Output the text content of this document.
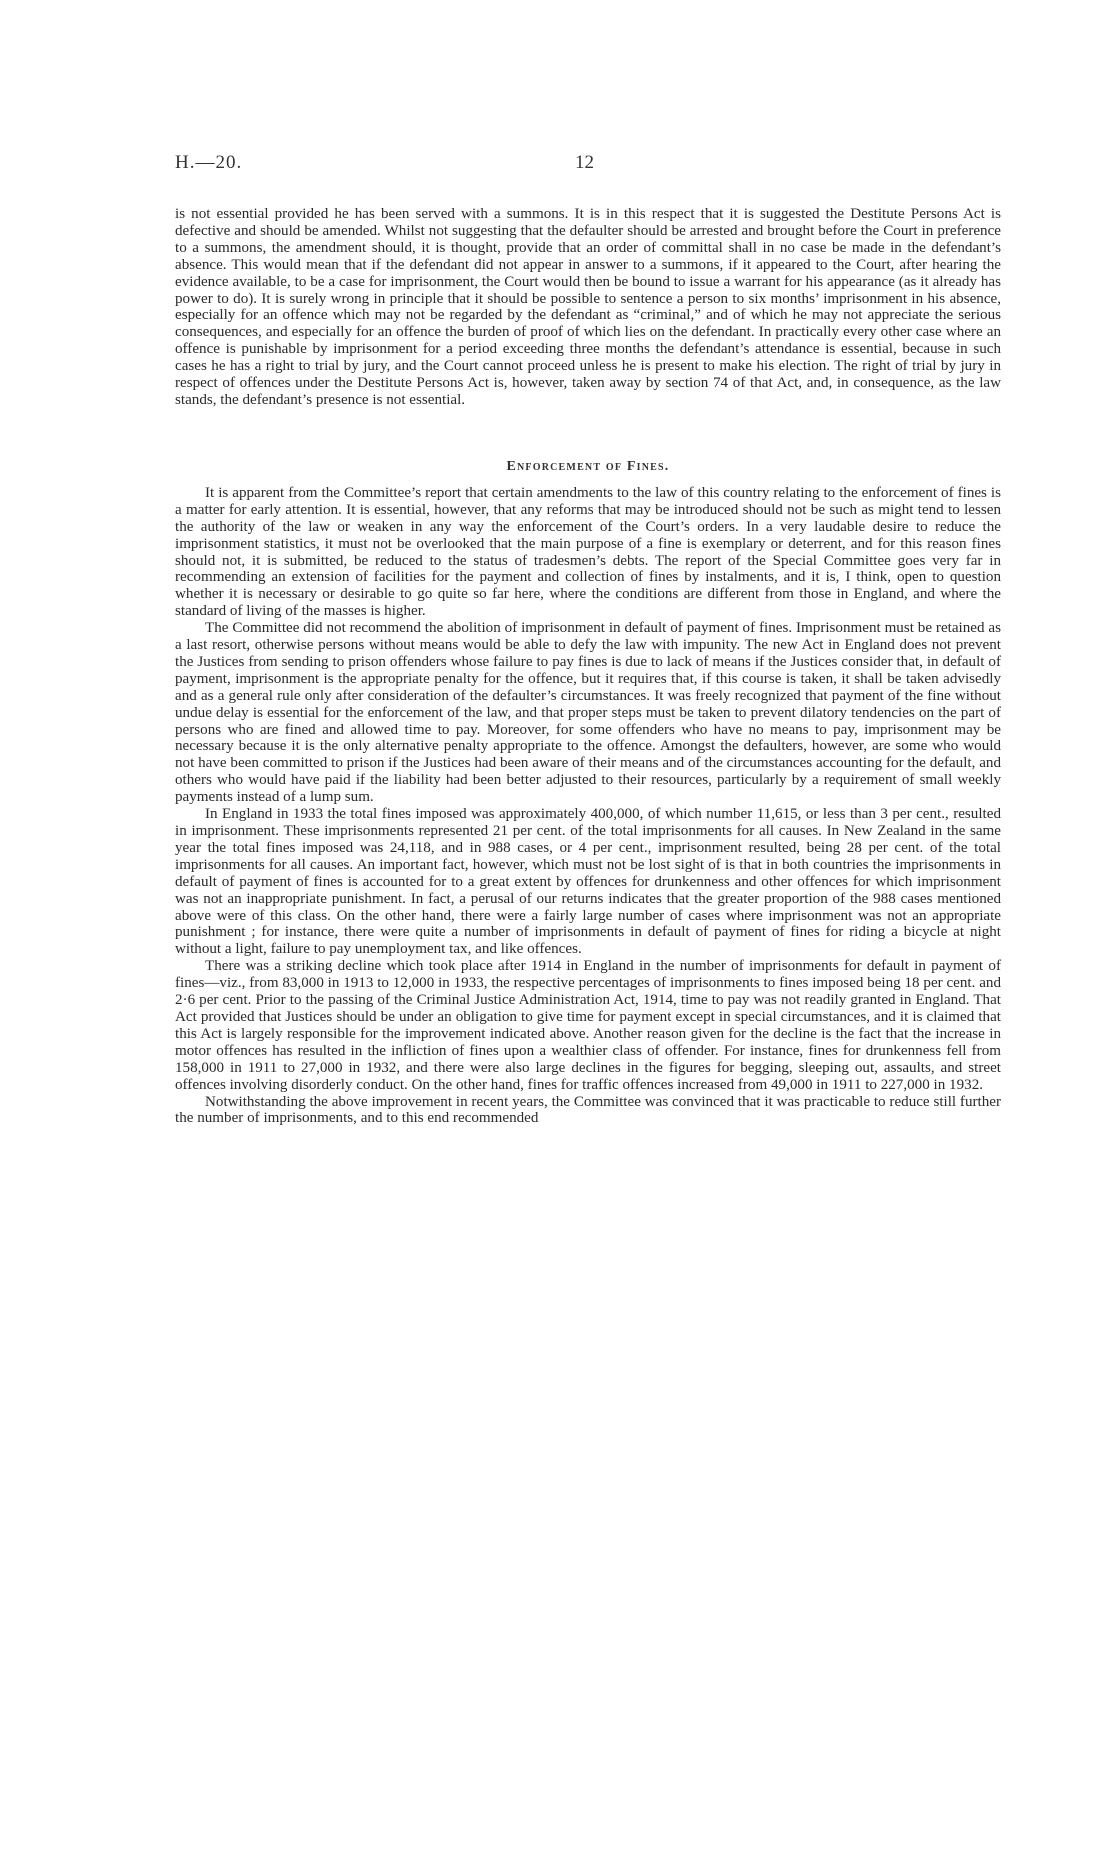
H.—20.	12

is not essential provided he has been served with a summons. It is in this respect that it is suggested the Destitute Persons Act is defective and should be amended. Whilst not suggesting that the defaulter should be arrested and brought before the Court in preference to a summons, the amendment should, it is thought, provide that an order of committal shall in no case be made in the defendant’s absence. This would mean that if the defendant did not appear in answer to a summons, if it appeared to the Court, after hearing the evidence available, to be a case for imprisonment, the Court would then be bound to issue a warrant for his appearance (as it already has power to do). It is surely wrong in principle that it should be possible to sentence a person to six months’ imprisonment in his absence, especially for an offence which may not be regarded by the defendant as “criminal,” and of which he may not appreciate the serious consequences, and especially for an offence the burden of proof of which lies on the defendant. In practically every other case where an offence is punishable by imprisonment for a period exceeding three months the defendant’s attendance is essential, because in such cases he has a right to trial by jury, and the Court cannot proceed unless he is present to make his election. The right of trial by jury in respect of offences under the Destitute Persons Act is, however, taken away by section 74 of that Act, and, in consequence, as the law stands, the defendant’s presence is not essential.

Enforcement of Fines.

It is apparent from the Committee’s report that certain amendments to the law of this country relating to the enforcement of fines is a matter for early attention. It is essential, however, that any reforms that may be introduced should not be such as might tend to lessen the authority of the law or weaken in any way the enforcement of the Court’s orders. In a very laudable desire to reduce the imprisonment statistics, it must not be overlooked that the main purpose of a fine is exemplary or deterrent, and for this reason fines should not, it is submitted, be reduced to the status of tradesmen’s debts. The report of the Special Committee goes very far in recommending an extension of facilities for the payment and collection of fines by instalments, and it is, I think, open to question whether it is necessary or desirable to go quite so far here, where the conditions are different from those in England, and where the standard of living of the masses is higher.

The Committee did not recommend the abolition of imprisonment in default of payment of fines. Imprisonment must be retained as a last resort, otherwise persons without means would be able to defy the law with impunity. The new Act in England does not prevent the Justices from sending to prison offenders whose failure to pay fines is due to lack of means if the Justices consider that, in default of payment, imprisonment is the appropriate penalty for the offence, but it requires that, if this course is taken, it shall be taken advisedly and as a general rule only after consideration of the defaulter’s circumstances. It was freely recognized that payment of the fine without undue delay is essential for the enforcement of the law, and that proper steps must be taken to prevent dilatory tendencies on the part of persons who are fined and allowed time to pay. Moreover, for some offenders who have no means to pay, imprisonment may be necessary because it is the only alternative penalty appropriate to the offence. Amongst the defaulters, however, are some who would not have been committed to prison if the Justices had been aware of their means and of the circumstances accounting for the default, and others who would have paid if the liability had been better adjusted to their resources, particularly by a requirement of small weekly payments instead of a lump sum.

In England in 1933 the total fines imposed was approximately 400,000, of which number 11,615, or less than 3 per cent., resulted in imprisonment. These imprisonments represented 21 per cent. of the total imprisonments for all causes. In New Zealand in the same year the total fines imposed was 24,118, and in 988 cases, or 4 per cent., imprisonment resulted, being 28 per cent. of the total imprisonments for all causes. An important fact, however, which must not be lost sight of is that in both countries the imprisonments in default of payment of fines is accounted for to a great extent by offences for drunkenness and other offences for which imprisonment was not an inappropriate punishment. In fact, a perusal of our returns indicates that the greater proportion of the 988 cases mentioned above were of this class. On the other hand, there were a fairly large number of cases where imprisonment was not an appropriate punishment ; for instance, there were quite a number of imprisonments in default of payment of fines for riding a bicycle at night without a light, failure to pay unemployment tax, and like offences.

There was a striking decline which took place after 1914 in England in the number of imprisonments for default in payment of fines—viz., from 83,000 in 1913 to 12,000 in 1933, the respective percentages of imprisonments to fines imposed being 18 per cent. and 2·6 per cent. Prior to the passing of the Criminal Justice Administration Act, 1914, time to pay was not readily granted in England. That Act provided that Justices should be under an obligation to give time for payment except in special circumstances, and it is claimed that this Act is largely responsible for the improvement indicated above. Another reason given for the decline is the fact that the increase in motor offences has resulted in the infliction of fines upon a wealthier class of offender. For instance, fines for drunkenness fell from 158,000 in 1911 to 27,000 in 1932, and there were also large declines in the figures for begging, sleeping out, assaults, and street offences involving disorderly conduct. On the other hand, fines for traffic offences increased from 49,000 in 1911 to 227,000 in 1932.

Notwithstanding the above improvement in recent years, the Committee was convinced that it was practicable to reduce still further the number of imprisonments, and to this end recommended
